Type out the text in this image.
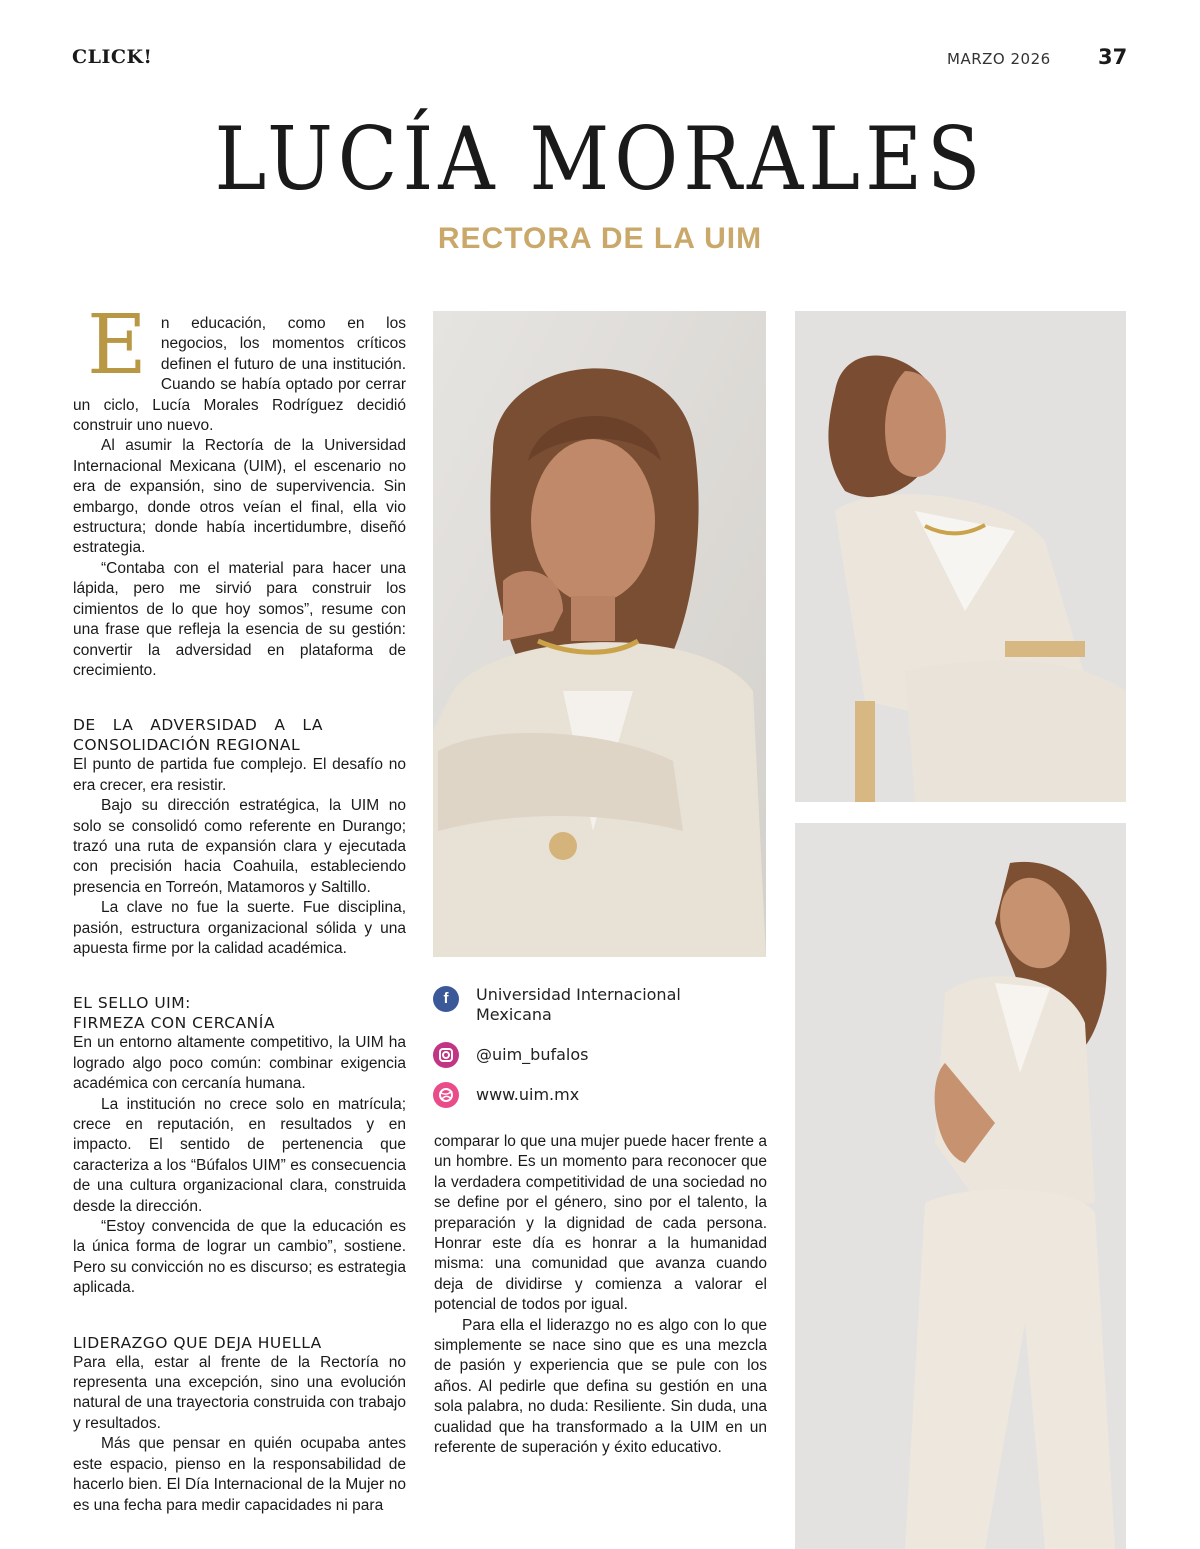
CLICK!	MARZO 2026 37
LUCÍA MORALES
RECTORA DE LA UIM
E n educación, como en los negocios, los momentos críticos definen el futuro de una institución. Cuando se había optado por cerrar un ciclo, Lucía Morales Rodríguez decidió construir uno nuevo.

Al asumir la Rectoría de la Universidad Internacional Mexicana (UIM), el escenario no era de expansión, sino de supervivencia. Sin embargo, donde otros veían el final, ella vio estructura; donde había incertidumbre, diseñó estrategia.

“Contaba con el material para hacer una lápida, pero me sirvió para construir los cimientos de lo que hoy somos”, resume con una frase que refleja la esencia de su gestión: convertir la adversidad en plataforma de crecimiento.

DE LA ADVERSIDAD A LA CONSOLIDACIÓN REGIONAL

El punto de partida fue complejo. El desafío no era crecer, era resistir.

Bajo su dirección estratégica, la UIM no solo se consolidó como referente en Durango; trazó una ruta de expansión clara y ejecutada con precisión hacia Coahuila, estableciendo presencia en Torreón, Matamoros y Saltillo.

La clave no fue la suerte. Fue disciplina, pasión, estructura organizacional sólida y una apuesta firme por la calidad académica.

EL SELLO UIM:
FIRMEZA CON CERCANÍA

En un entorno altamente competitivo, la UIM ha logrado algo poco común: combinar exigencia académica con cercanía humana.

La institución no crece solo en matrícula; crece en reputación, en resultados y en impacto. El sentido de pertenencia que caracteriza a los “Búfalos UIM” es consecuencia de una cultura organizacional clara, construida desde la dirección.

“Estoy convencida de que la educación es la única forma de lograr un cambio”, sostiene. Pero su convicción no es discurso; es estrategia aplicada.

LIDERAZGO QUE DEJA HUELLA

Para ella, estar al frente de la Rectoría no representa una excepción, sino una evolución natural de una trayectoria construida con trabajo y resultados.

Más que pensar en quién ocupaba antes este espacio, pienso en la responsabilidad de hacerlo bien. El Día Internacional de la Mujer no es una fecha para medir capacidades ni para

f	Universidad Internacional Mexicana
@uim_bufalos
www.uim.mx

comparar lo que una mujer puede hacer frente a un hombre. Es un momento para reconocer que la verdadera competitividad de una sociedad no se define por el género, sino por el talento, la preparación y la dignidad de cada persona. Honrar este día es honrar a la humanidad misma: una comunidad que avanza cuando deja de dividirse y comienza a valorar el potencial de todos por igual.

Para ella el liderazgo no es algo con lo que simplemente se nace sino que es una mezcla de pasión y experiencia que se pule con los años. Al pedirle que defina su gestión en una sola palabra, no duda: Resiliente. Sin duda, una cualidad que ha transformado a la UIM en un referente de superación y éxito educativo.
